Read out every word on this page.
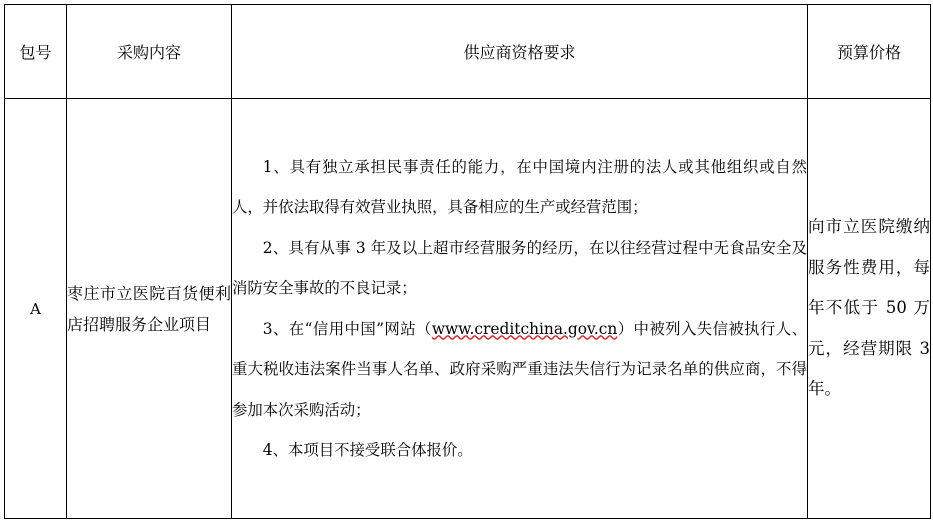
包号	采购内容	供应商资格要求	预算价格
A	枣庄市立医院百货便利店招聘服务企业项目	1、具有独立承担民事责任的能力，在中国境内注册的法人或其他组织或自然人，并依法取得有效营业执照，具备相应的生产或经营范围；

2、具有从事 3 年及以上超市经营服务的经历，在以往经营过程中无食品安全及消防安全事故的不良记录；

3、在“信用中国”网站（www.creditchina.gov.cn）中被列入失信被执行人、重大税收违法案件当事人名单、政府采购严重违法失信行为记录名单的供应商，不得参加本次采购活动；

4、本项目不接受联合体报价。	向市立医院缴纳服务性费用，每年不低于 50 万元，经营期限 3 年。
